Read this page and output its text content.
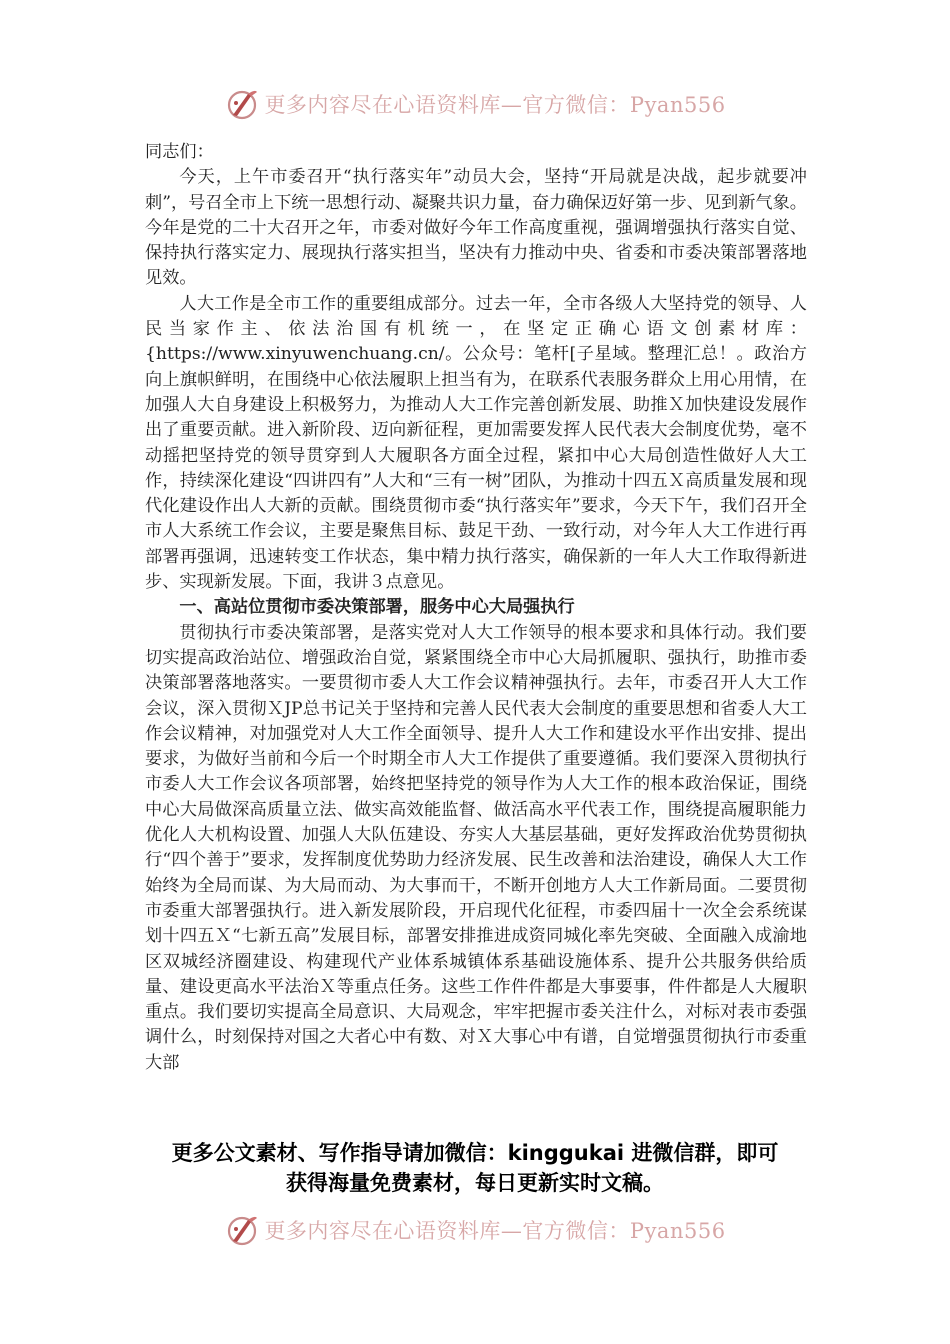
更多内容尽在心语资料库—官方微信：Pyan556

同志们：

今天，上午市委召开“执行落实年”动员大会，坚持“开局就是决战，起步就要冲刺”，号召全市上下统一思想行动、凝聚共识力量，奋力确保迈好第一步、见到新气象。今年是党的二十大召开之年，市委对做好今年工作高度重视，强调增强执行落实自觉、保持执行落实定力、展现执行落实担当，坚决有力推动中央、省委和市委决策部署落地见效。

人大工作是全市工作的重要组成部分。过去一年，全市各级人大坚持党的领导、人民当家作主、依法治国有机统一，在坚定正确心语文创素材库：{https://www.xinyuwenchuang.cn/。公众号：笔杆[子星域。整理汇总！。政治方向上旗帜鲜明，在围绕中心依法履职上担当有为，在联系代表服务群众上用心用情，在加强人大自身建设上积极努力，为推动人大工作完善创新发展、助推Ｘ加快建设发展作出了重要贡献。进入新阶段、迈向新征程，更加需要发挥人民代表大会制度优势，毫不动摇把坚持党的领导贯穿到人大履职各方面全过程，紧扣中心大局创造性做好人大工作，持续深化建设“四讲四有”人大和“三有一树”团队，为推动十四五Ｘ高质量发展和现代化建设作出人大新的贡献。围绕贯彻市委“执行落实年”要求，今天下午，我们召开全市人大系统工作会议，主要是聚焦目标、鼓足干劲、一致行动，对今年人大工作进行再部署再强调，迅速转变工作状态，集中精力执行落实，确保新的一年人大工作取得新进步、实现新发展。下面，我讲３点意见。

一、高站位贯彻市委决策部署，服务中心大局强执行

贯彻执行市委决策部署，是落实党对人大工作领导的根本要求和具体行动。我们要切实提高政治站位、增强政治自觉，紧紧围绕全市中心大局抓履职、强执行，助推市委决策部署落地落实。一要贯彻市委人大工作会议精神强执行。去年，市委召开人大工作会议，深入贯彻ＸJP总书记关于坚持和完善人民代表大会制度的重要思想和省委人大工作会议精神，对加强党对人大工作全面领导、提升人大工作和建设水平作出安排、提出要求，为做好当前和今后一个时期全市人大工作提供了重要遵循。我们要深入贯彻执行市委人大工作会议各项部署，始终把坚持党的领导作为人大工作的根本政治保证，围绕中心大局做深高质量立法、做实高效能监督、做活高水平代表工作，围绕提高履职能力优化人大机构设置、加强人大队伍建设、夯实人大基层基础，更好发挥政治优势贯彻执行“四个善于”要求，发挥制度优势助力经济发展、民生改善和法治建设，确保人大工作始终为全局而谋、为大局而动、为大事而干，不断开创地方人大工作新局面。二要贯彻市委重大部署强执行。进入新发展阶段，开启现代化征程，市委四届十一次全会系统谋划十四五Ｘ“七新五高”发展目标，部署安排推进成资同城化率先突破、全面融入成渝地区双城经济圈建设、构建现代产业体系城镇体系基础设施体系、提升公共服务供给质量、建设更高水平法治Ｘ等重点任务。这些工作件件都是大事要事，件件都是人大履职重点。我们要切实提高全局意识、大局观念，牢牢把握市委关注什么，对标对表市委强调什么，时刻保持对国之大者心中有数、对Ｘ大事心中有谱，自觉增强贯彻执行市委重大部

更多公文素材、写作指导请加微信：kinggukai 进微信群，即可
获得海量免费素材，每日更新实时文稿。
更多内容尽在心语资料库—官方微信：Pyan556
